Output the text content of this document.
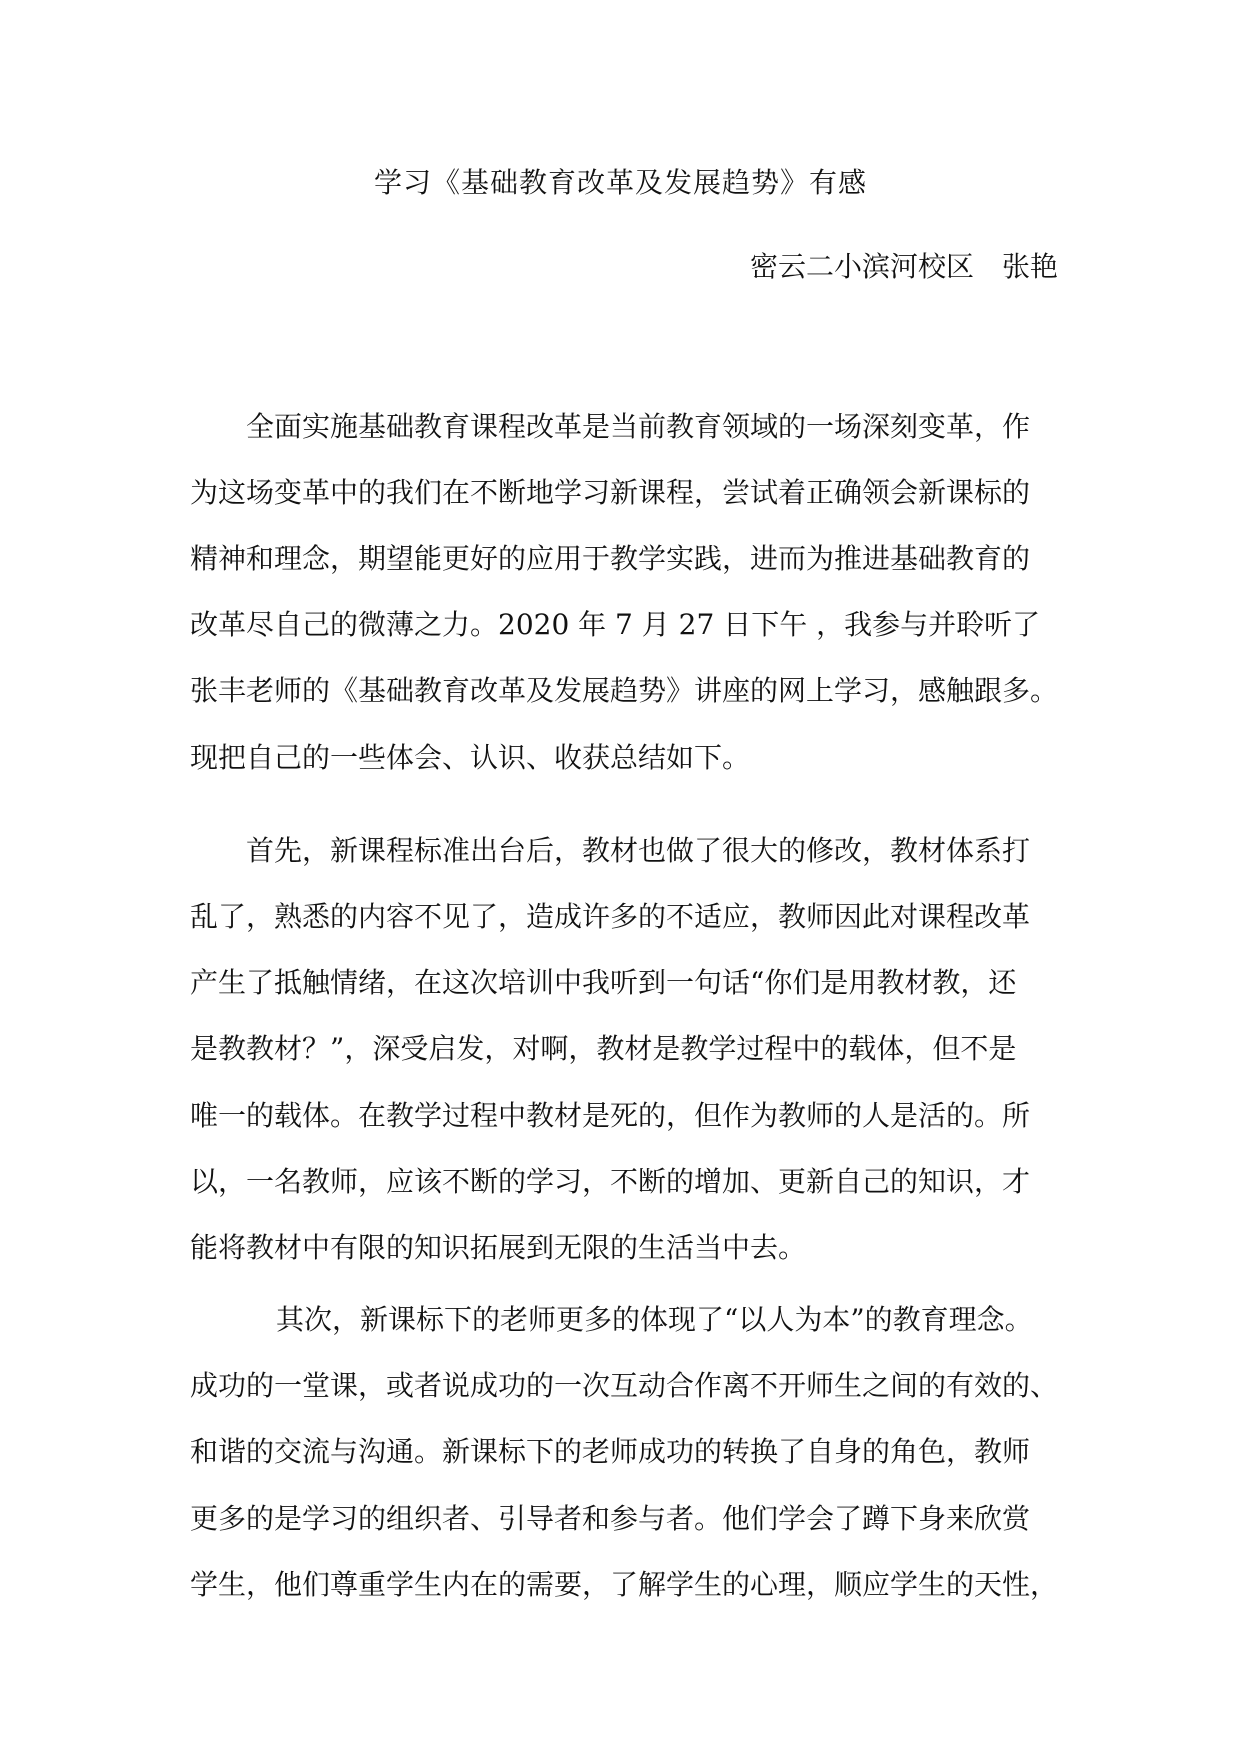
学习《基础教育改革及发展趋势》有感
密云二小滨河校区 张艳
全面实施基础教育课程改革是当前教育领域的一场深刻变革，作
为这场变革中的我们在不断地学习新课程，尝试着正确领会新课标的
精神和理念，期望能更好的应用于教学实践，进而为推进基础教育的
改革尽自己的微薄之力。2020 年 7 月 27 日下午 ，我参与并聆听了
张丰老师的《基础教育改革及发展趋势》讲座的网上学习，感触跟多。
现把自己的一些体会、认识、收获总结如下。
首先，新课程标准出台后，教材也做了很大的修改，教材体系打
乱了，熟悉的内容不见了，造成许多的不适应，教师因此对课程改革
产生了抵触情绪，在这次培训中我听到一句话“你们是用教材教，还
是教教材？”，深受启发，对啊，教材是教学过程中的载体，但不是
唯一的载体。在教学过程中教材是死的，但作为教师的人是活的。所
以，一名教师，应该不断的学习，不断的增加、更新自己的知识，才
能将教材中有限的知识拓展到无限的生活当中去。
其次，新课标下的老师更多的体现了“以人为本”的教育理念。
成功的一堂课，或者说成功的一次互动合作离不开师生之间的有效的、
和谐的交流与沟通。新课标下的老师成功的转换了自身的角色，教师
更多的是学习的组织者、引导者和参与者。他们学会了蹲下身来欣赏
学生，他们尊重学生内在的需要，了解学生的心理，顺应学生的天性，
